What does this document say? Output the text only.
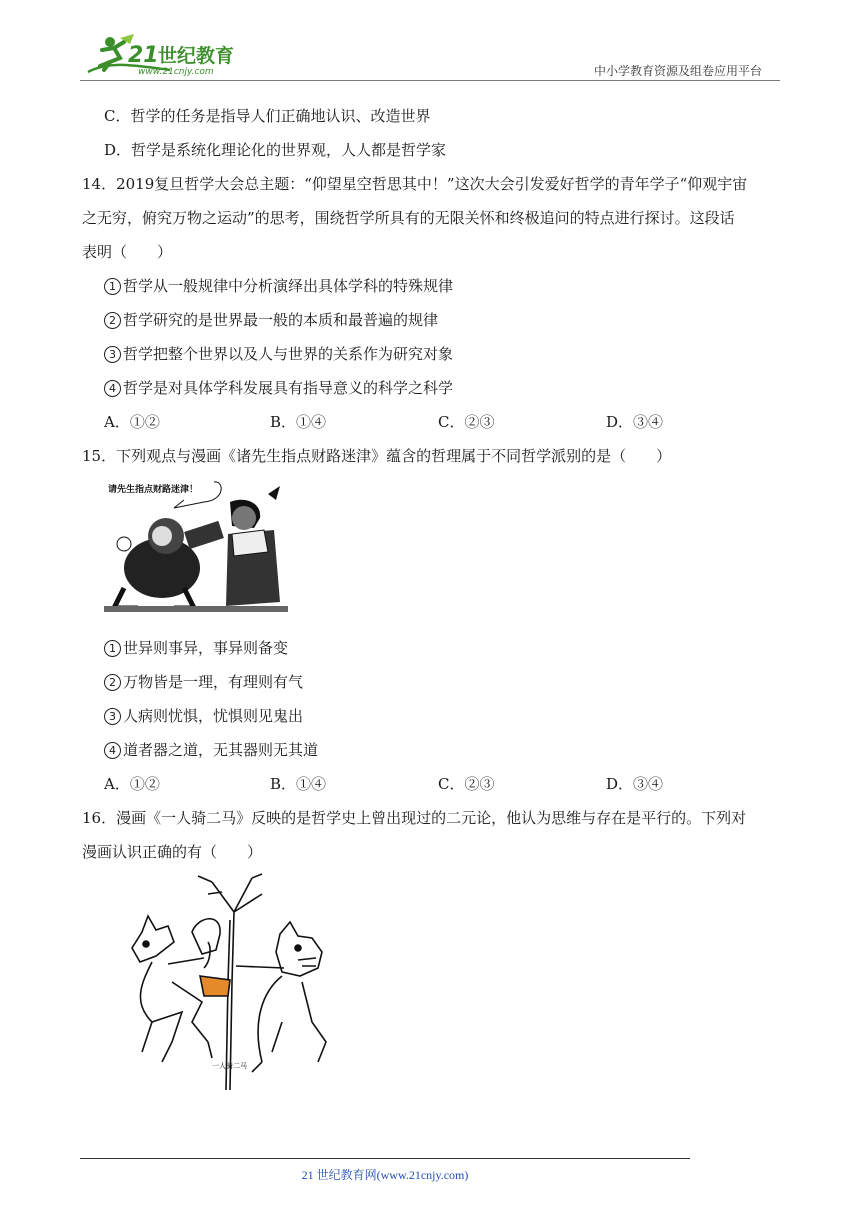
21 世纪教育
www.21cnjy.com	中小学教育资源及组卷应用平台
C．哲学的任务是指导人们正确地认识、改造世界
D．哲学是系统化理论化的世界观，人人都是哲学家
14．2019复旦哲学大会总主题：“仰望星空哲思其中！”这次大会引发爱好哲学的青年学子“仰观宇宙
之无穷，俯究万物之运动”的思考，围绕哲学所具有的无限关怀和终极追问的特点进行探讨。这段话
表明（　　）
1 哲学从一般规律中分析演绎出具体学科的特殊规律
2 哲学研究的是世界最一般的本质和最普遍的规律
3 哲学把整个世界以及人与世界的关系作为研究对象
4 哲学是对具体学科发展具有指导意义的科学之科学
A．①②	B．①④	C．②③	D．③④
15．下列观点与漫画《诸先生指点财路迷津》蕴含的哲理属于不同哲学派别的是（　　）
请先生指点财路迷津！
1 世异则事异，事异则备变
2 万物皆是一理，有理则有气
3 人病则忧惧，忧惧则见鬼出
4 道者器之道，无其器则无其道
A．①②	B．①④	C．②③	D．③④
16．漫画《一人骑二马》反映的是哲学史上曾出现过的二元论，他认为思维与存在是平行的。下列对
漫画认识正确的有（　　）
一人骑二马
21 世纪教育网(www.21cnjy.com)
